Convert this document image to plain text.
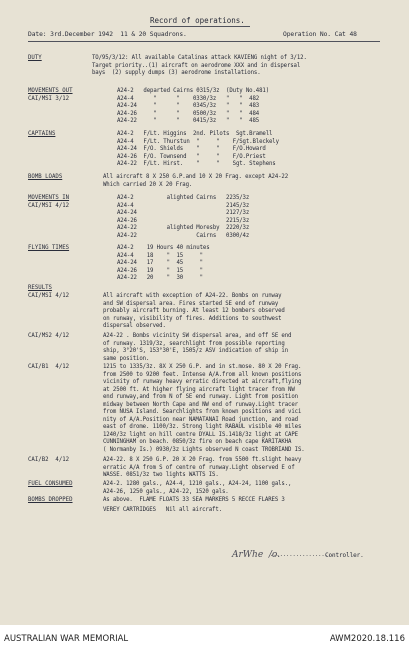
Record of operations.
Date: 3rd.December 1942  11 & 20 Squadrons.	Operation No. Cat 48
DUTY	TO/95/3/12: All available Catalinas attack KAVIENG night of 3/12.
Target priority..(1) aircraft on aerodrome XXX and in dispersal
bays  (2) supply dumps (3) aerodrome installations.
MOVEMENTS OUT
CAI/MSI 3/12
A24-2   departed Cairns 0315/3z  (Duty No.481)
A24-4      "      "    0330/3z   "   "  482
A24-24     "      "    0345/3z   "   "  483
A24-26     "      "    0500/3z   "   "  484
A24-22     "      "    0415/3z   "   "  485
CAPTAINS	A24-2   F/Lt. Higgins  2nd. Pilots  Sgt.Bramell
A24-4   F/Lt. Thurstun  "     "    F/Sgt.Bleckely
A24-24  F/O. Shields    "     "    F/O.Howard
A24-26  F/O. Townsend   "     "    F/O.Priest
A24-22  F/Lt. Hirst.    "     "    Sgt. Stephens
BOMB LOADS	All aircraft 8 X 250 G.P.and 10 X 20 Frag. except A24-22
Which carried 20 X 20 Frag.
MOVEMENTS IN
CAI/MSI 4/12
A24-2          alighted Cairns   2235/3z
A24-4                            2145/3z
A24-24                           2127/3z
A24-26                           2215/3z
A24-22         alighted Moresby  2220/3z
A24-22                  Cairns   0300/4z
FLYING TIMES	A24-2    19 Hours 40 minutes
A24-4    18    "  15     "
A24-24   17    "  45     "
A24-26   19    "  15     "
A24-22   20    "  30     "
RESULTS
CAI/MSI 4/12	All aircraft with exception of A24-22. Bombs on runway
and SW dispersal area. Fires started SE end of runway
probably aircraft burning. At least 12 bombers observed
on runway, visibility of fires. Additions to southwest
dispersal observed.
CAI/MS2 4/12	A24-22 . Bombs vicinity SW dispersal area, and off SE end
of runway. 1319/3z, searchlight from possible reporting
ship, 3°20'S, 153°30'E, 1505/z ASV indication of ship in
same position.
CAI/B1  4/12	1215 to 1335/3z. 8X X 250 G.P. and in st.mose. 80 X 20 Frag.
from 2500 to 9200 feet. Intense A/A.from all known positions
vicinity of runway heavy erratic directed at aircraft,flying
at 2500 ft. At higher flying aircraft light tracer from NW
end runway,and from N of SE end runway. Light from position
midway between North Cape and NW end of runway.Light tracer
from NUSA Island. Searchlights from known positions and vici
nity of A/A.Position near NAMATANAI Road junction, and road
east of drome. 1100/3z. Strong light RABAUL visible 40 miles
1240/3z light on hill centre DYALL IS.1418/3z light at CAPE
CUNNINGHAM on beach. 0850/3z fire on beach cape KARITAKHA
( Normanby Is.) 0930/3z Lights observed N coast TROBRIAND IS.
CAI/B2  4/12	A24-22. 8 X 250 G.P. 20 X 20 Frag. from 5500 ft.slight heavy
erratic A/A from S of centre of runway.Light observed E of
WASSE. 0851/3z two lights WATTS IS.
FUEL CONSUMED	A24-2. 1280 gals., A24-4, 1210 gals., A24-24, 1100 gals.,
A24-26, 1250 gals., A24-22, 1520 gals.
BOMBS DROPPED	As above.  FLAME FLOATS 33 SEA MARKERS 5 RECCE FLARES 3
VEREY CARTRIDGES   Nil all aircraft.
ArWhe  /o.
....................
Controller.
AUSTRALIAN WAR MEMORIAL	AWM2020.18.116
